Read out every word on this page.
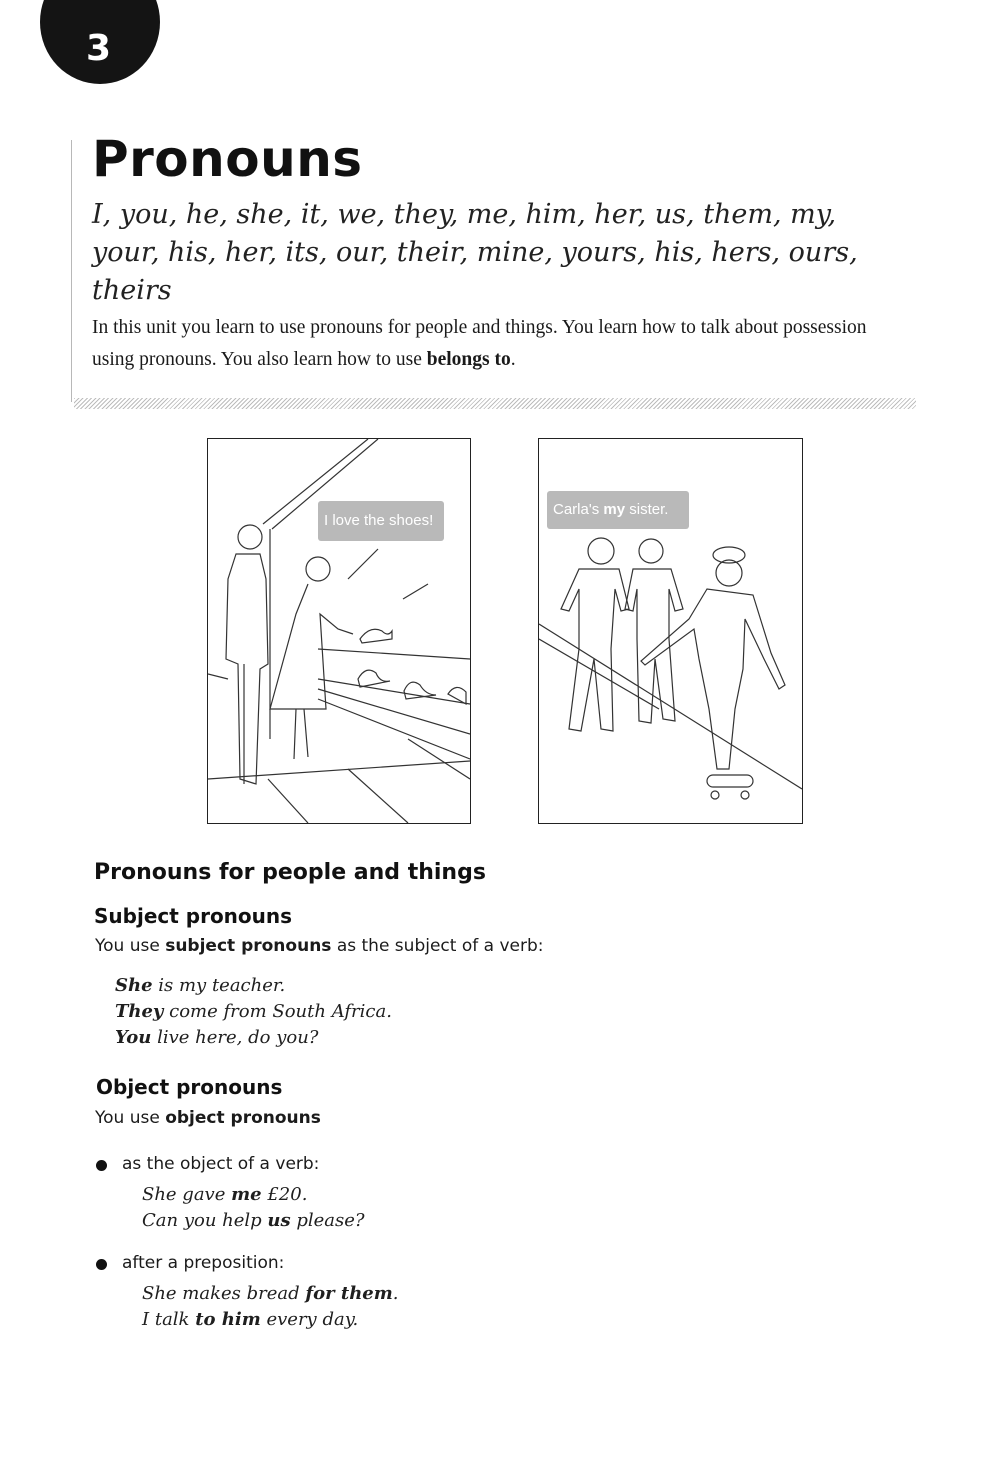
3
Pronouns

I, you, he, she, it, we, they, me, him, her, us, them, my, your, his, her, its, our, their, mine, yours, his, hers, ours, theirs

In this unit you learn to use pronouns for people and things. You learn how to talk about possession using pronouns. You also learn how to use belongs to.

I love the shoes!
Carla's my sister.
Pronouns for people and things
Subject pronouns

You use subject pronouns as the subject of a verb:

She is my teacher.

They come from South Africa.

You live here, do you?

Object pronouns

You use object pronouns

as the object of a verb:

She gave me £20.

Can you help us please?

after a preposition:

She makes bread for them.

I talk to him every day.
